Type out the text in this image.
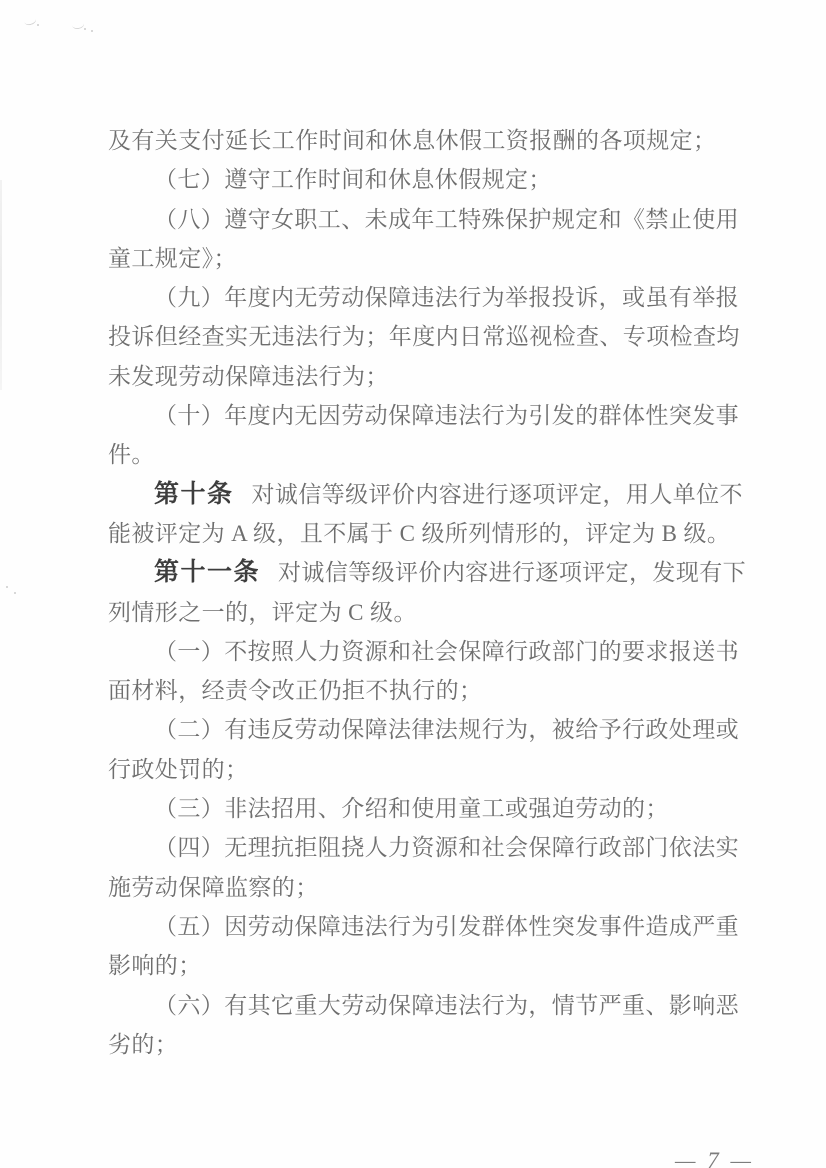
及有关支付延长工作时间和休息休假工资报酬的各项规定；
（七）遵守工作时间和休息休假规定；
（八）遵守女职工、未成年工特殊保护规定和《禁止使用
童工规定》；
（九）年度内无劳动保障违法行为举报投诉，或虽有举报
投诉但经查实无违法行为；年度内日常巡视检查、专项检查均
未发现劳动保障违法行为；
（十）年度内无因劳动保障违法行为引发的群体性突发事
件。
第十条 对诚信等级评价内容进行逐项评定，用人单位不
能被评定为 A 级，且不属于 C 级所列情形的，评定为 B 级。
第十一条 对诚信等级评价内容进行逐项评定，发现有下
列情形之一的，评定为 C 级。
（一）不按照人力资源和社会保障行政部门的要求报送书
面材料，经责令改正仍拒不执行的；
（二）有违反劳动保障法律法规行为，被给予行政处理或
行政处罚的；
（三）非法招用、介绍和使用童工或强迫劳动的；
（四）无理抗拒阻挠人力资源和社会保障行政部门依法实
施劳动保障监察的；
（五）因劳动保障违法行为引发群体性突发事件造成严重
影响的；
（六）有其它重大劳动保障违法行为，情节严重、影响恶
劣的；

— 7 —
